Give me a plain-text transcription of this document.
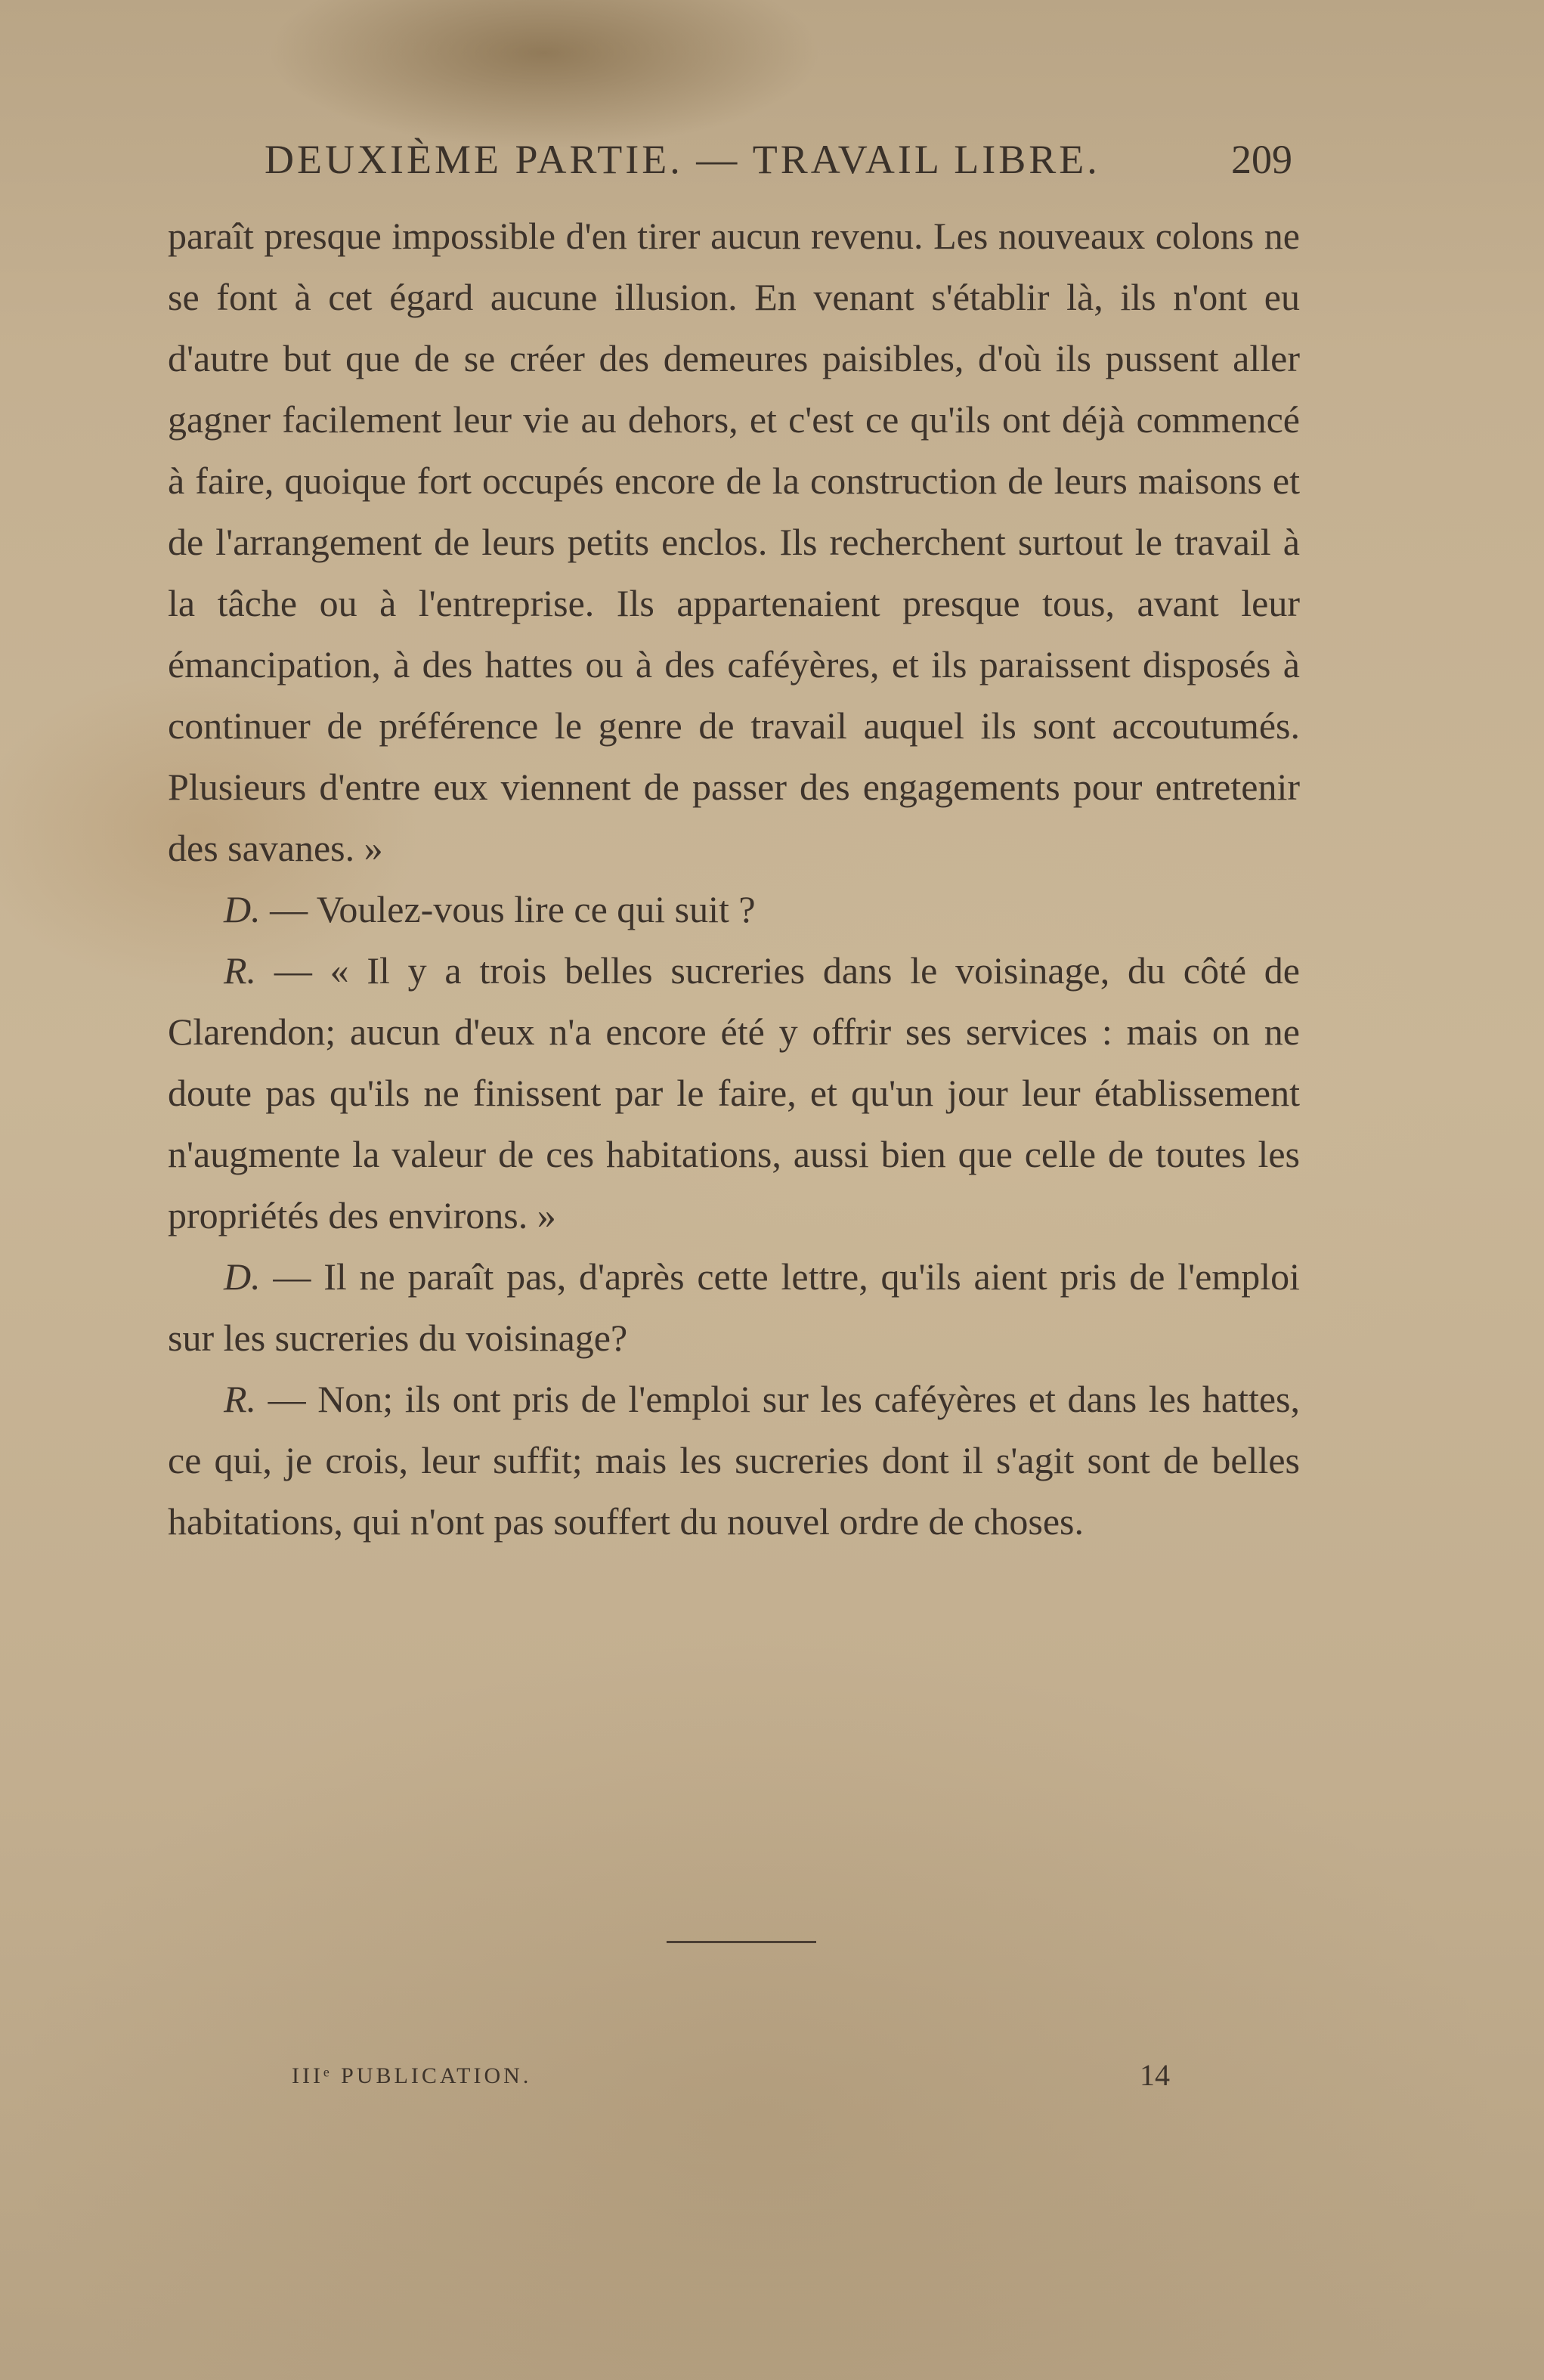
DEUXIÈME PARTIE. — TRAVAIL LIBRE.	209

paraît presque impossible d'en tirer aucun revenu. Les nouveaux colons ne se font à cet égard aucune illusion. En venant s'établir là, ils n'ont eu d'autre but que de se créer des demeures paisibles, d'où ils pussent aller gagner facilement leur vie au dehors, et c'est ce qu'ils ont déjà commencé à faire, quoique fort occupés encore de la construction de leurs maisons et de l'arrangement de leurs petits enclos. Ils recherchent surtout le travail à la tâche ou à l'entreprise. Ils appartenaient presque tous, avant leur émancipation, à des hattes ou à des caféyères, et ils paraissent disposés à continuer de préférence le genre de travail auquel ils sont accoutumés. Plusieurs d'entre eux viennent de passer des engagements pour entretenir des savanes. »

D. — Voulez-vous lire ce qui suit ?

R. — « Il y a trois belles sucreries dans le voisinage, du côté de Clarendon; aucun d'eux n'a encore été y offrir ses services : mais on ne doute pas qu'ils ne finissent par le faire, et qu'un jour leur établissement n'augmente la valeur de ces habitations, aussi bien que celle de toutes les propriétés des environs. »

D. — Il ne paraît pas, d'après cette lettre, qu'ils aient pris de l'emploi sur les sucreries du voisinage?

R. — Non; ils ont pris de l'emploi sur les caféyères et dans les hattes, ce qui, je crois, leur suffit; mais les sucreries dont il s'agit sont de belles habitations, qui n'ont pas souffert du nouvel ordre de choses.

IIIᵉ PUBLICATION.	14
